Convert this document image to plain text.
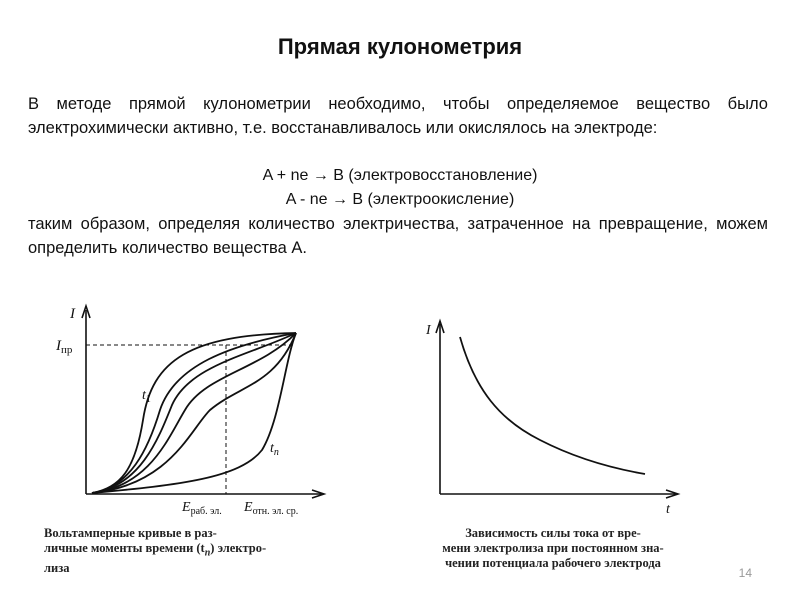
Прямая кулонометрия
В методе прямой кулонометрии необходимо, чтобы определяемое вещество было электрохимически активно, т.е. восстанавливалось или окислялось на электроде:
A + ne → B (электровосстановление)
A - ne → B (электроокисление)
таким образом, определяя количество электричества, затраченное на превращение, можем определить количество вещества А.
I
$I_{пр}$
$t_1$
$t_n$
$E_{раб. эл.}$ $E_{отн. эл. ср.}$
I
t
Вольтамперные кривые в раз-
личные моменты времени $(t_n)$ электро-
лиза
Зависимость силы тока от вре-
мени электролиза при постоянном зна-
чении потенциала рабочего электрода
14
